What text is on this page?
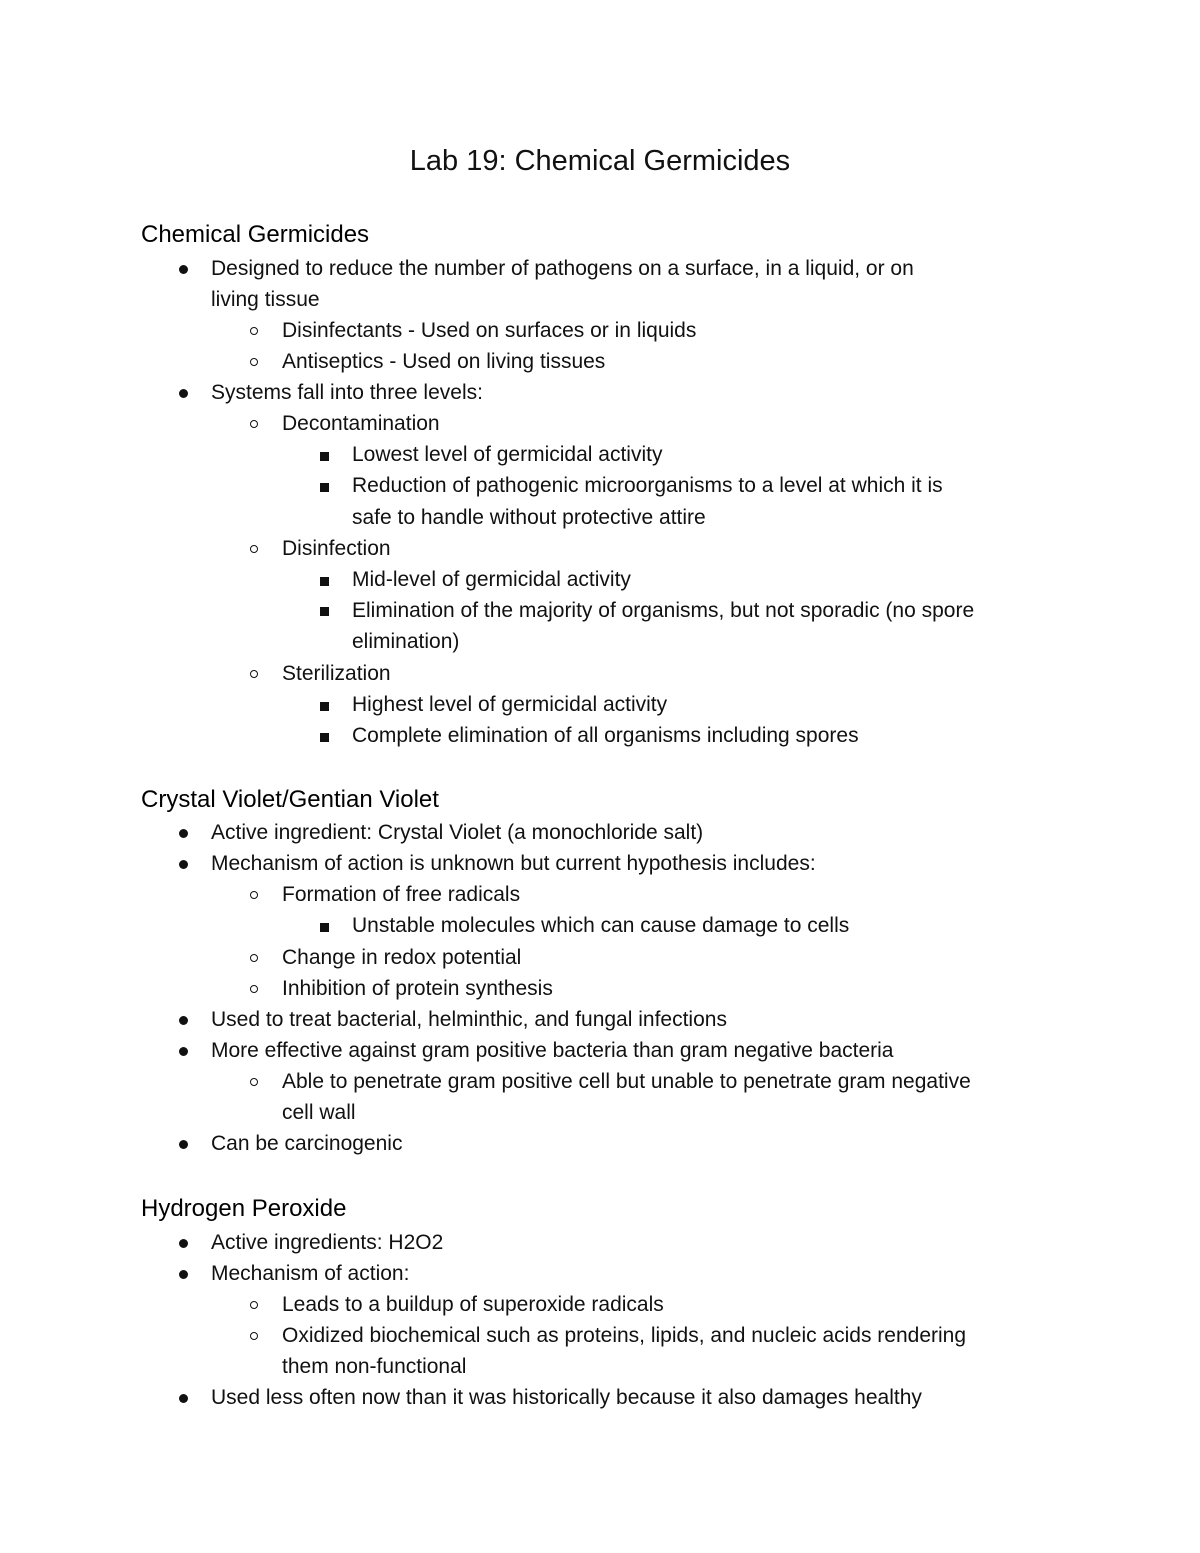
Lab 19: Chemical Germicides
Chemical Germicides
Designed to reduce the number of pathogens on a surface, in a liquid, or on
living tissue
Disinfectants - Used on surfaces or in liquids
Antiseptics - Used on living tissues
Systems fall into three levels:
Decontamination
Lowest level of germicidal activity
Reduction of pathogenic microorganisms to a level at which it is
safe to handle without protective attire
Disinfection
Mid-level of germicidal activity
Elimination of the majority of organisms, but not sporadic (no spore
elimination)
Sterilization
Highest level of germicidal activity
Complete elimination of all organisms including spores
Crystal Violet/Gentian Violet
Active ingredient: Crystal Violet (a monochloride salt)
Mechanism of action is unknown but current hypothesis includes:
Formation of free radicals
Unstable molecules which can cause damage to cells
Change in redox potential
Inhibition of protein synthesis
Used to treat bacterial, helminthic, and fungal infections
More effective against gram positive bacteria than gram negative bacteria
Able to penetrate gram positive cell but unable to penetrate gram negative
cell wall
Can be carcinogenic
Hydrogen Peroxide
Active ingredients: H2O2
Mechanism of action:
Leads to a buildup of superoxide radicals
Oxidized biochemical such as proteins, lipids, and nucleic acids rendering
them non-functional
Used less often now than it was historically because it also damages healthy
